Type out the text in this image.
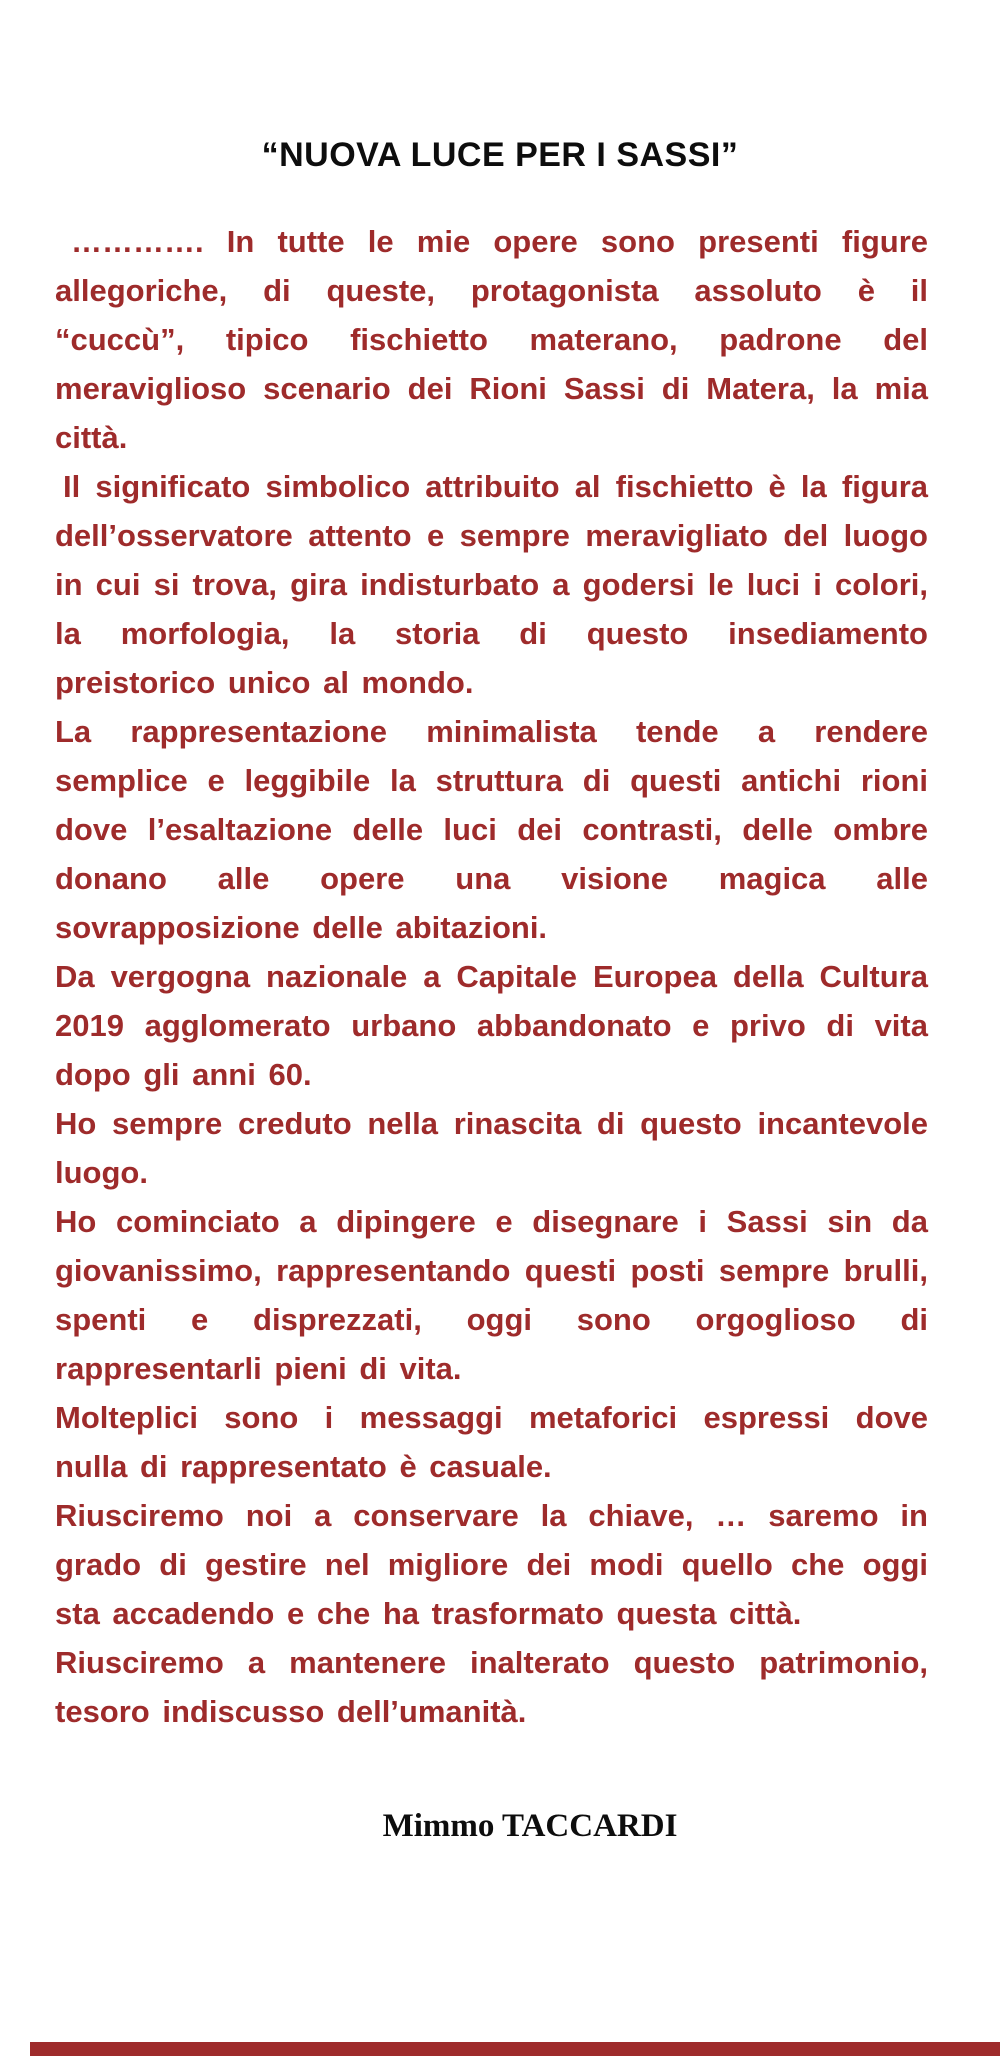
“NUOVA LUCE PER I SASSI”

…………. In tutte le mie opere sono presenti figure allegoriche, di queste, protagonista assoluto è il “cuccù”, tipico fischietto materano, padrone del meraviglioso scenario dei Rioni Sassi di Matera, la mia città.

Il significato simbolico attribuito al fischietto è la figura dell’osservatore attento e sempre meravigliato del luogo in cui si trova, gira indisturbato a godersi le luci i colori, la morfologia, la storia di questo insediamento preistorico unico al mondo.

La rappresentazione minimalista tende a rendere semplice e leggibile la struttura di questi antichi rioni dove l’esaltazione delle luci dei contrasti, delle ombre donano alle opere una visione magica alle sovrapposizione delle abitazioni.

Da vergogna nazionale a Capitale Europea della Cultura 2019 agglomerato urbano abbandonato e privo di vita dopo gli anni 60.

Ho sempre creduto nella rinascita di questo incantevole luogo.

Ho cominciato a dipingere e disegnare i Sassi sin da giovanissimo, rappresentando questi posti sempre brulli, spenti e disprezzati, oggi sono orgoglioso di rappresentarli pieni di vita.

Molteplici sono i messaggi metaforici espressi dove nulla di rappresentato è casuale.

Riusciremo noi a conservare la chiave, … saremo in grado di gestire nel migliore dei modi quello che oggi sta accadendo e che ha trasformato questa città.

Riusciremo a mantenere inalterato questo patrimonio, tesoro indiscusso dell’umanità.

Mimmo TACCARDI
